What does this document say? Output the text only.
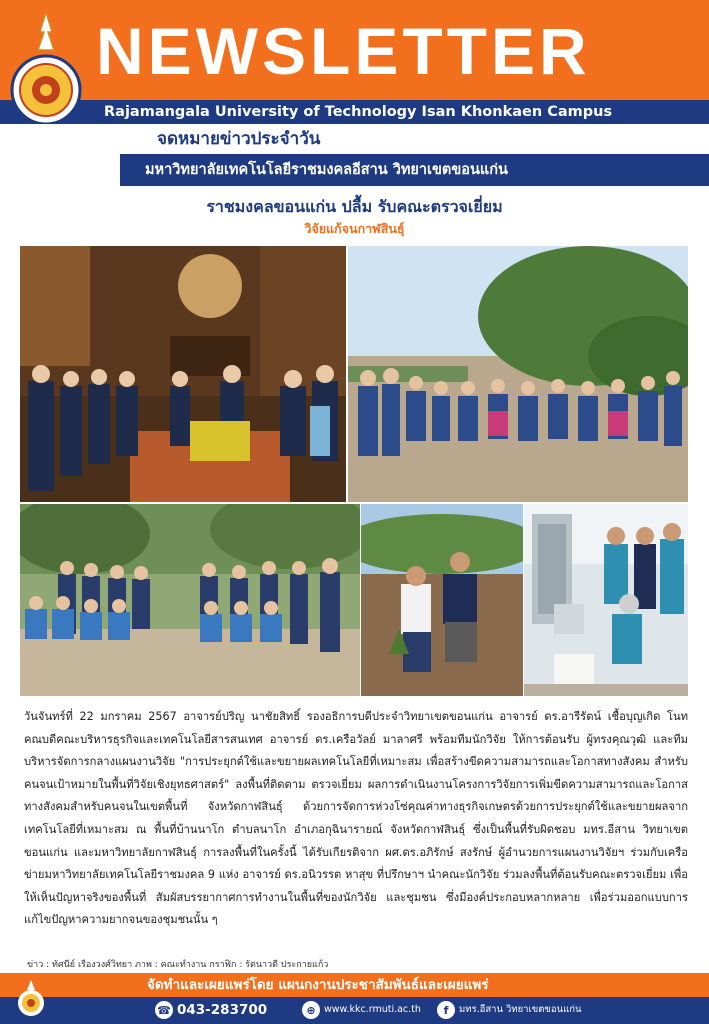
NEWSLETTER
Rajamangala University of Technology Isan Khonkaen Campus
จดหมายข่าวประจำวัน
มหาวิทยาลัยเทคโนโลยีราชมงคลอีสาน วิทยาเขตขอนแก่น
ราชมงคลขอนแก่น ปลื้ม รับคณะตรวจเยี่ยม
วิจัยแก้จนกาฬสินธุ์

วันจันทร์ที่ 22 มกราคม 2567 อาจารย์ปริญ นาชัยสิทธิ์ รองอธิการบดีประจำวิทยาเขตขอนแก่น อาจารย์ ดร.อารีรัตน์ เชื้อบุญเกิด โนท คณบดีคณะบริหารธุรกิจและเทคโนโลยีสารสนเทศ อาจารย์ ดร.เครือวัลย์ มาลาศรี พร้อมทีมนักวิจัย ให้การต้อนรับ ผู้ทรงคุณวุฒิ และทีมบริหารจัดการกลางแผนงานวิจัย "การประยุกต์ใช้และขยายผลเทคโนโลยีที่เหมาะสม เพื่อสร้างขีดความสามารถและโอกาสทางสังคม สำหรับคนจนเป้าหมายในพื้นที่วิจัยเชิงยุทธศาสตร์" ลงพื้นที่ติดตาม ตรวจเยี่ยม ผลการดำเนินงานโครงการวิจัยการเพิ่มขีดความสามารถและโอกาสทางสังคมสำหรับคนจนในเขตพื้นที่ จังหวัดกาฬสินธุ์ ด้วยการจัดการห่วงโซ่คุณค่าทางธุรกิจเกษตรด้วยการประยุกต์ใช้และขยายผลจากเทคโนโลยีที่เหมาะสม ณ พื้นที่บ้านนาโก ตำบลนาโก อำเภอกุฉินารายณ์ จังหวัดกาฬสินธุ์ ซึ่งเป็นพื้นที่รับผิดชอบ มทร.อีสาน วิทยาเขตขอนแก่น และมหาวิทยาลัยกาฬสินธุ์ การลงพื้นที่ในครั้งนี้ ได้รับเกียรติจาก ผศ.ดร.อภิรักษ์ สงรักษ์ ผู้อำนวยการแผนงานวิจัยฯ ร่วมกับเครือข่ายมหาวิทยาลัยเทคโนโลยีราชมงคล 9 แห่ง อาจารย์ ดร.อนิวรรต หาสุข ที่ปรึกษาฯ นำคณะนักวิจัย ร่วมลงพื้นที่ต้อนรับคณะตรวจเยี่ยม เพื่อให้เห็นปัญหาจริงของพื้นที่ สัมผัสบรรยากาศการทำงานในพื้นที่ของนักวิจัย และชุมชน ซึ่งมีองค์ประกอบหลากหลาย เพื่อร่วมออกแบบการแก้ไขปัญหาความยากจนของชุมชนนั้น ๆ

ข่าว : ทัศนีย์ เรืองวงศ์วิทยา ภาพ : คณะทำงาน กราฟิก : รัตนาวดี ประกายแก้ว
จัดทำและเผยแพร่โดย แผนกงานประชาสัมพันธ์และเผยแพร่
☎ 043-283700	⊕ www.kkc.rmuti.ac.th	f	มทร.อีสาน วิทยาเขตขอนแก่น
